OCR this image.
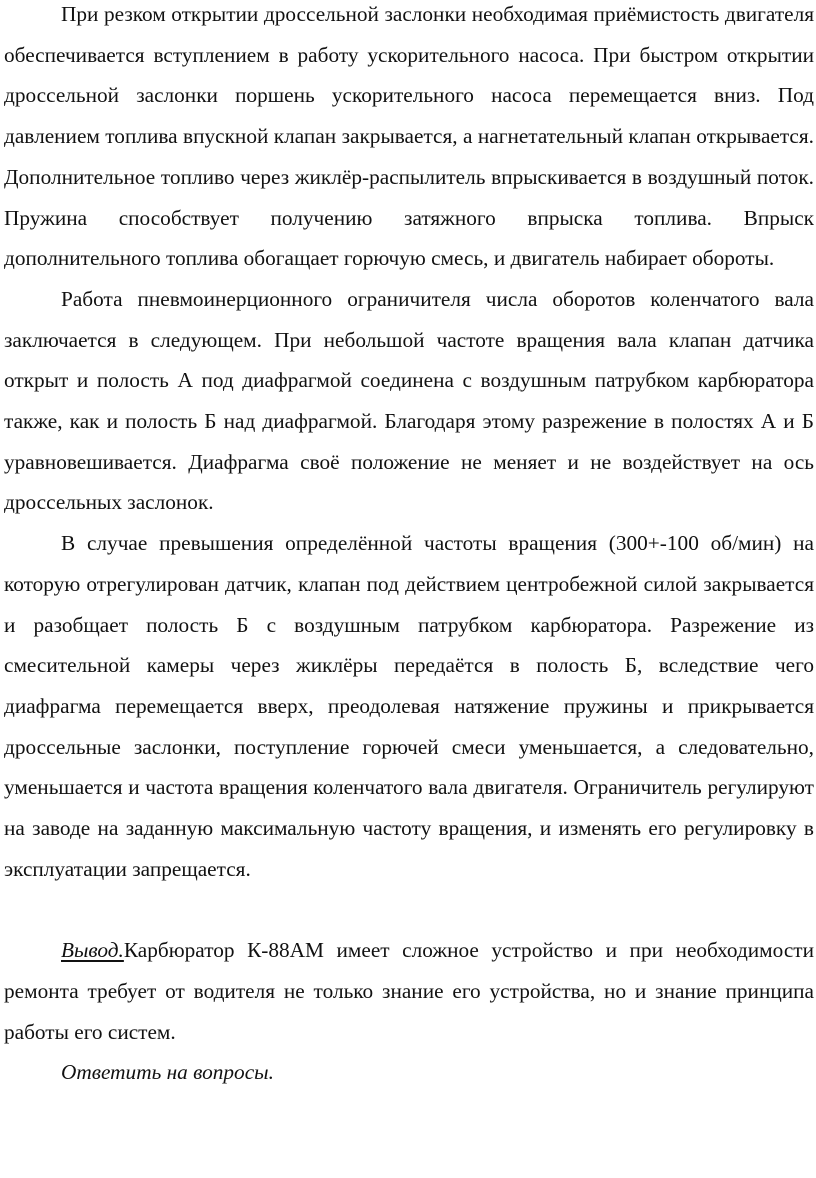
При резком открытии дроссельной заслонки необходимая приёмистость двигателя обеспечивается вступлением в работу ускорительного насоса. При быстром открытии дроссельной заслонки поршень ускорительного насоса перемещается вниз. Под давлением топлива впускной клапан закрывается, а нагнетательный клапан открывается. Дополнительное топливо через жиклёр-распылитель впрыскивается в воздушный поток. Пружина способствует получению затяжного впрыска топлива. Впрыск дополнительного топлива обогащает горючую смесь, и двигатель набирает обороты.

Работа пневмоинерционного ограничителя числа оборотов коленчатого вала заключается в следующем. При небольшой частоте вращения вала клапан датчика открыт и полость А под диафрагмой соединена с воздушным патрубком карбюратора также, как и полость Б над диафрагмой. Благодаря этому разрежение в полостях А и Б уравновешивается. Диафрагма своё положение не меняет и не воздействует на ось дроссельных заслонок.

В случае превышения определённой частоты вращения (300+-100 об/мин) на которую отрегулирован датчик, клапан под действием центробежной силой закрывается и разобщает полость Б с воздушным патрубком карбюратора. Разрежение из смесительной камеры через жиклёры передаётся в полость Б, вследствие чего диафрагма перемещается вверх, преодолевая натяжение пружины и прикрывается дроссельные заслонки, поступление горючей смеси уменьшается, а следовательно, уменьшается и частота вращения коленчатого вала двигателя. Ограничитель регулируют на заводе на заданную максимальную частоту вращения, и изменять его регулировку в эксплуатации запрещается.

Вывод.Карбюратор К-88АМ имеет сложное устройство и при необходимости ремонта требует от водителя не только знание его устройства, но и знание принципа работы его систем.

Ответить на вопросы.
